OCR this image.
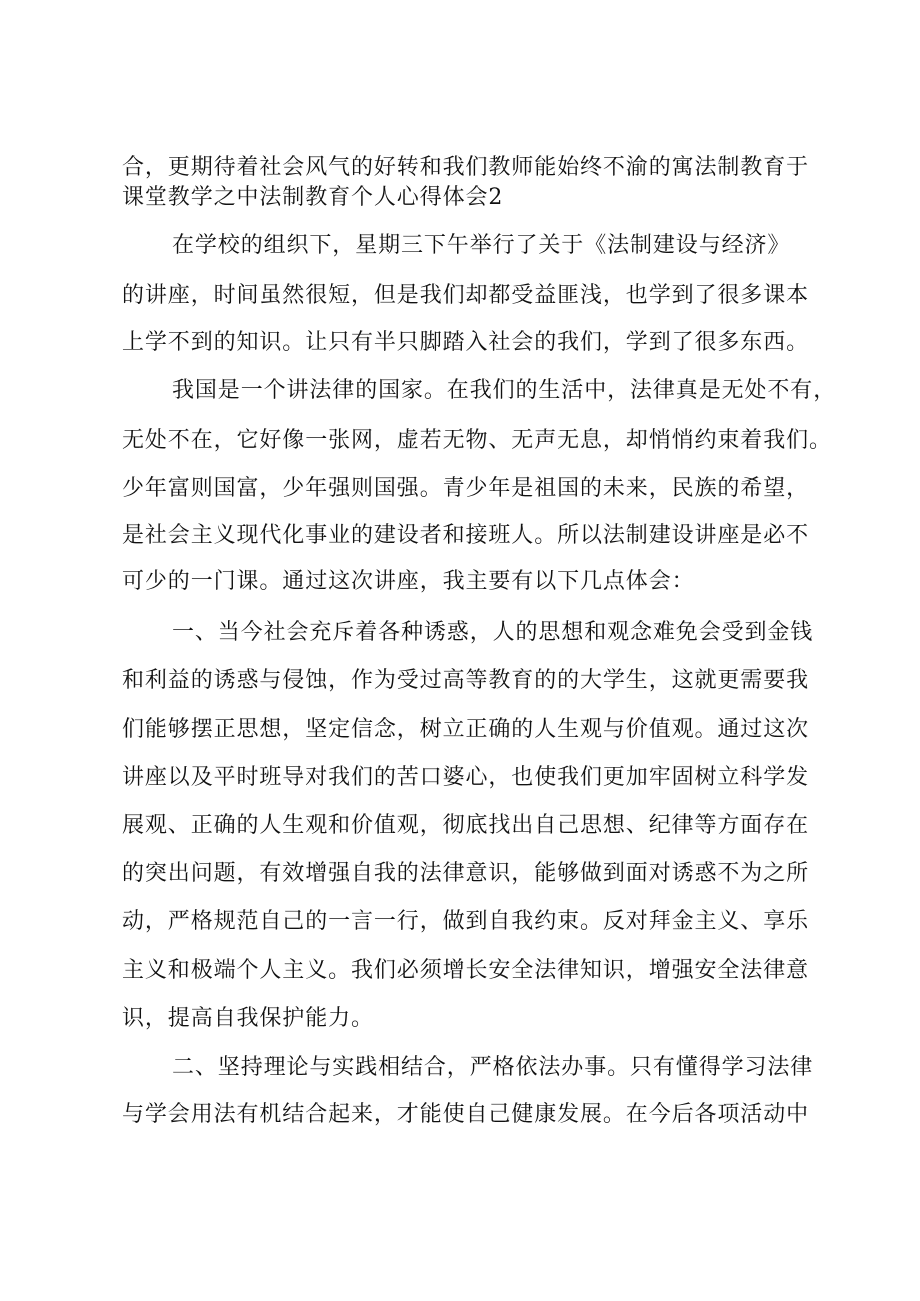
合，更期待着社会风气的好转和我们教师能始终不渝的寓法制教育于
课堂教学之中法制教育个人心得体会2
在学校的组织下，星期三下午举行了关于《法制建设与经济》
的讲座，时间虽然很短，但是我们却都受益匪浅，也学到了很多课本
上学不到的知识。让只有半只脚踏入社会的我们，学到了很多东西。
我国是一个讲法律的国家。在我们的生活中，法律真是无处不有，
无处不在，它好像一张网，虚若无物、无声无息，却悄悄约束着我们。
少年富则国富，少年强则国强。青少年是祖国的未来，民族的希望，
是社会主义现代化事业的建设者和接班人。所以法制建设讲座是必不
可少的一门课。通过这次讲座，我主要有以下几点体会：
一、当今社会充斥着各种诱惑，人的思想和观念难免会受到金钱
和利益的诱惑与侵蚀，作为受过高等教育的的大学生，这就更需要我
们能够摆正思想，坚定信念，树立正确的人生观与价值观。通过这次
讲座以及平时班导对我们的苦口婆心，也使我们更加牢固树立科学发
展观、正确的人生观和价值观，彻底找出自己思想、纪律等方面存在
的突出问题，有效增强自我的法律意识，能够做到面对诱惑不为之所
动，严格规范自己的一言一行，做到自我约束。反对拜金主义、享乐
主义和极端个人主义。我们必须增长安全法律知识，增强安全法律意
识，提高自我保护能力。
二、坚持理论与实践相结合，严格依法办事。只有懂得学习法律
与学会用法有机结合起来，才能使自己健康发展。在今后各项活动中
